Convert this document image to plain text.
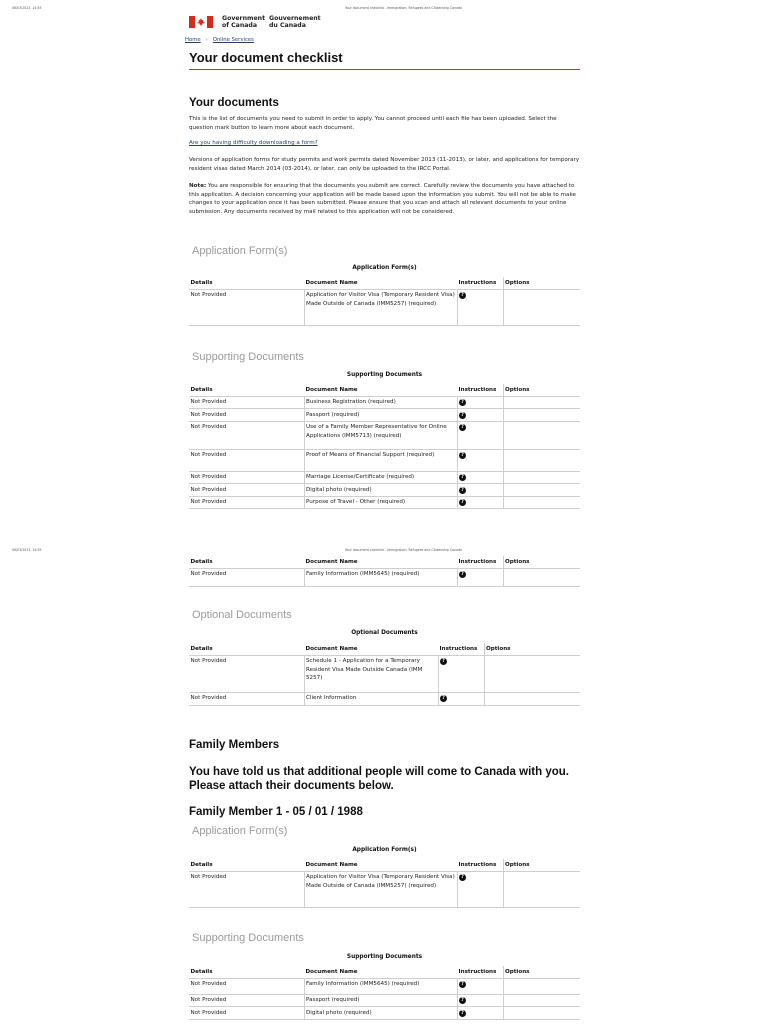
06/03/2023, 14:55	Your document checklist - Immigration, Refugees and Citizenship Canada
Government
of Canada
Gouvernement
du Canada
Home › Online Services
Your document checklist
Your documents
This is the list of documents you need to submit in order to apply. You cannot proceed until each file has been uploaded. Select the question mark button to learn more about each document.
Are you having difficulty downloading a form?
Versions of application forms for study permits and work permits dated November 2013 (11-2013), or later, and applications for temporary resident visas dated March 2014 (03-2014), or later, can only be uploaded to the IRCC Portal.
Note: You are responsible for ensuring that the documents you submit are correct. Carefully review the documents you have attached to this application. A decision concerning your application will be made based upon the information you submit. You will not be able to make changes to your application once it has been submitted. Please ensure that you scan and attach all relevant documents to your online submission. Any documents received by mail related to this application will not be considered.
Application Form(s)
Application Form(s)
Details	Document Name	Instructions	Options
Not Provided	Application for Visitor Visa (Temporary Resident Visa) Made Outside of Canada (IMM5257) (required)	?	
Supporting Documents
Supporting Documents
Details	Document Name	Instructions	Options
Not Provided	Business Registration (required)	?	
Not Provided	Passport (required)	?	
Not Provided	Use of a Family Member Representative for Online Applications (IMM5713) (required)	?	
Not Provided	Proof of Means of Financial Support (required)	?	
Not Provided	Marriage License/Certificate (required)	?	
Not Provided	Digital photo (required)	?	
Not Provided	Purpose of Travel - Other (required)	?	
06/03/2023, 14:55	Your document checklist - Immigration, Refugees and Citizenship Canada
Details	Document Name	Instructions	Options
Not Provided	Family Information (IMM5645) (required)	?	
Optional Documents
Optional Documents
Details	Document Name	Instructions	Options
Not Provided	Schedule 1 - Application for a Temporary Resident Visa Made Outside Canada (IMM 5257)	?	
Not Provided	Client Information	?	
Family Members
You have told us that additional people will come to Canada with you. Please attach their documents below.
Family Member 1 - 05 / 01 / 1988
Application Form(s)
Application Form(s)
Details	Document Name	Instructions	Options
Not Provided	Application for Visitor Visa (Temporary Resident Visa) Made Outside of Canada (IMM5257) (required)	?	
Supporting Documents
Supporting Documents
Details	Document Name	Instructions	Options
Not Provided	Family Information (IMM5645) (required)	?	
Not Provided	Passport (required)	?	
Not Provided	Digital photo (required)	?	
